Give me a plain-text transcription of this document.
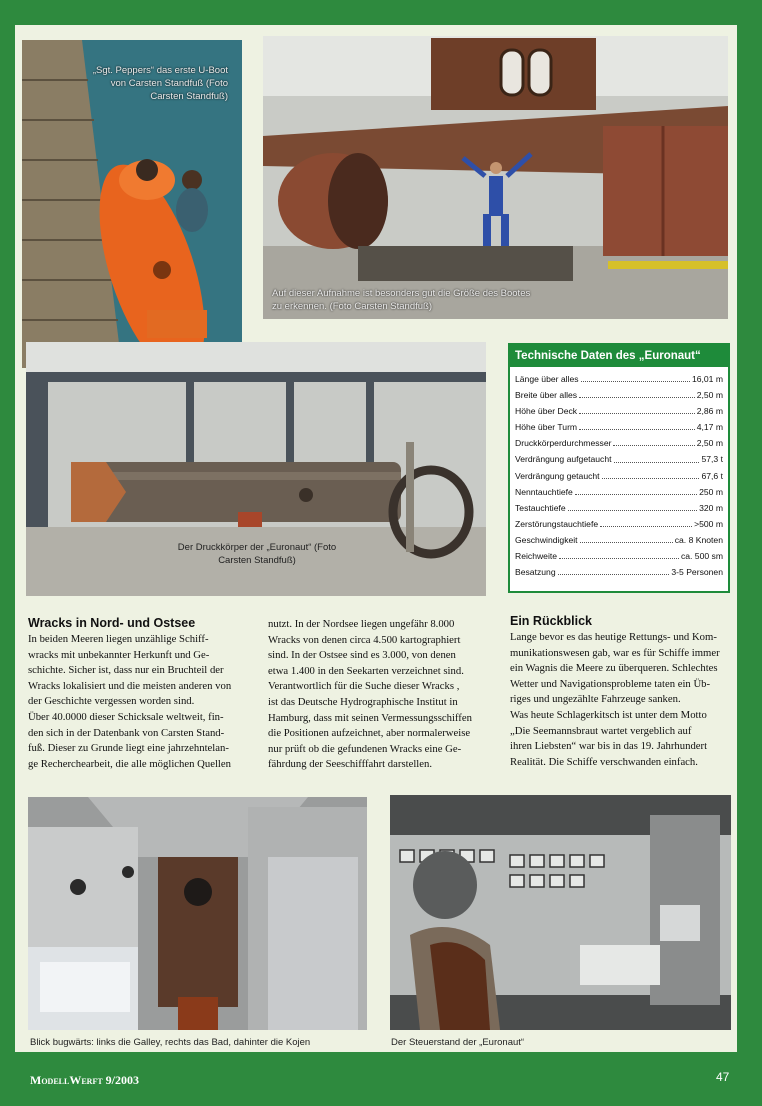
„Sgt. Peppers“ das erste U-Boot von Carsten Standfuß (Foto Carsten Standfuß)
Auf dieser Aufnahme ist besonders gut die Größe des Bootes zu erkennen. (Foto Carsten Standfuß)
Der Druckkörper der „Euronaut“ (Foto Carsten Standfuß)
Technische Daten des „Euronaut“
Länge über alles	16,01 m
Breite über alles	2,50 m
Höhe über Deck	2,86 m
Höhe über Turm	4,17 m
Druckkörperdurchmesser	2,50 m
Verdrängung aufgetaucht	57,3 t
Verdrängung getaucht	67,6 t
Nenntauchtiefe	250 m
Testauchtiefe	320 m
Zerstörungstauchtiefe	>500 m
Geschwindigkeit	ca. 8 Knoten
Reichweite	ca. 500 sm
Besatzung	3-5 Personen
Wracks in Nord- und Ostsee

In beiden Meeren liegen unzählige Schiff-

wracks mit unbekannter Herkunft und Ge-

schichte. Sicher ist, dass nur ein Bruchteil der

Wracks lokalisiert und die meisten anderen von

der Geschichte vergessen worden sind.

Über 40.0000 dieser Schicksale weltweit, fin-

den sich in der Datenbank von Carsten Stand-

fuß. Dieser zu Grunde liegt eine jahrzehntelan-

ge Recherchearbeit, die alle möglichen Quellen

nutzt. In der Nordsee liegen ungefähr 8.000

Wracks von denen circa 4.500 kartographiert

sind. In der Ostsee sind es 3.000, von denen

etwa 1.400 in den Seekarten verzeichnet sind.

Verantwortlich für die Suche dieser Wracks ,

ist das Deutsche Hydrographische Institut in

Hamburg, dass mit seinen Vermessungsschiffen

die Positionen aufzeichnet, aber normalerweise

nur prüft ob die gefundenen Wracks eine Ge-

fährdung der Seeschifffahrt darstellen.

Ein Rückblick

Lange bevor es das heutige Rettungs- und Kom-

munikationswesen gab, war es für Schiffe immer

ein Wagnis die Meere zu überqueren. Schlechtes

Wetter und Navigationsprobleme taten ein Üb-

riges und ungezählte Fahrzeuge sanken.

Was heute Schlagerkitsch ist unter dem Motto

„Die Seemannsbraut wartet vergeblich auf

ihren Liebsten“ war bis in das 19. Jahrhundert

Realität. Die Schiffe verschwanden einfach.

Blick bugwärts: links die Galley, rechts das Bad, dahinter die Kojen	Der Steuerstand der „Euronaut“
ModellWerft 9/2003	47
